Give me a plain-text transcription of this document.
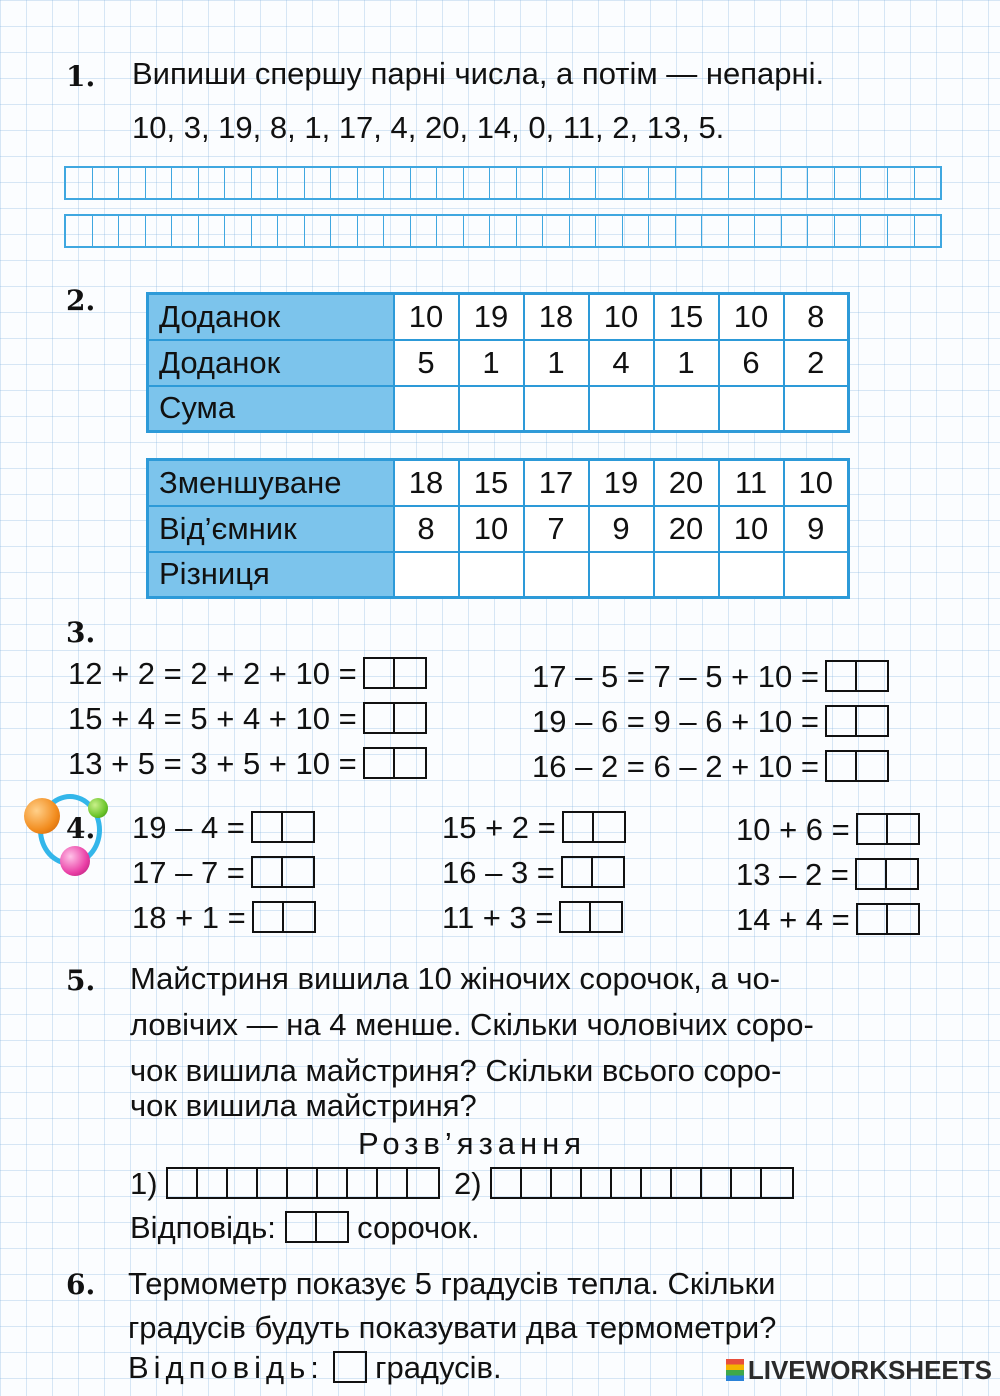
1. Випиши спершу парні числа, а потім — непарні.
10, 3, 19, 8, 1, 17, 4, 20, 14, 0, 11, 2, 13, 5.
2. Доданок	10	19	18	10	15	10	8
Доданок	5	1	1	4	1	6	2
Сума							
Зменшуване	18	15	17	19	20	11	10
Від’ємник	8	10	7	9	20	10	9
Різниця							
3.
12 + 2 = 2 + 2 + 10 =
15 + 4 = 5 + 4 + 10 =
13 + 5 = 3 + 5 + 10 =
17 – 5 = 7 – 5 + 10 =
19 – 6 = 9 – 6 + 10 =
16 – 2 = 6 – 2 + 10 =
4. 19 – 4 =
17 – 7 =
18 + 1 =
15 + 2 =
16 – 3 =
11 + 3 =
10 + 6 =
13 – 2 =
14 + 4 =
5. Майстриня вишила 10 жіночих сорочок, а чо-
ловічих — на 4 менше. Скільки чоловічих соро-
чок вишила майстриня? Скільки всього соро-
чок вишила майстриня?
Розв’язання
1)	2)
Відповідь:	сорочок.
6. Термометр показує 5 градусів тепла. Скільки
градусів будуть показувати два термометри?
Відповідь: градусів.	LIVEWORKSHEETS
